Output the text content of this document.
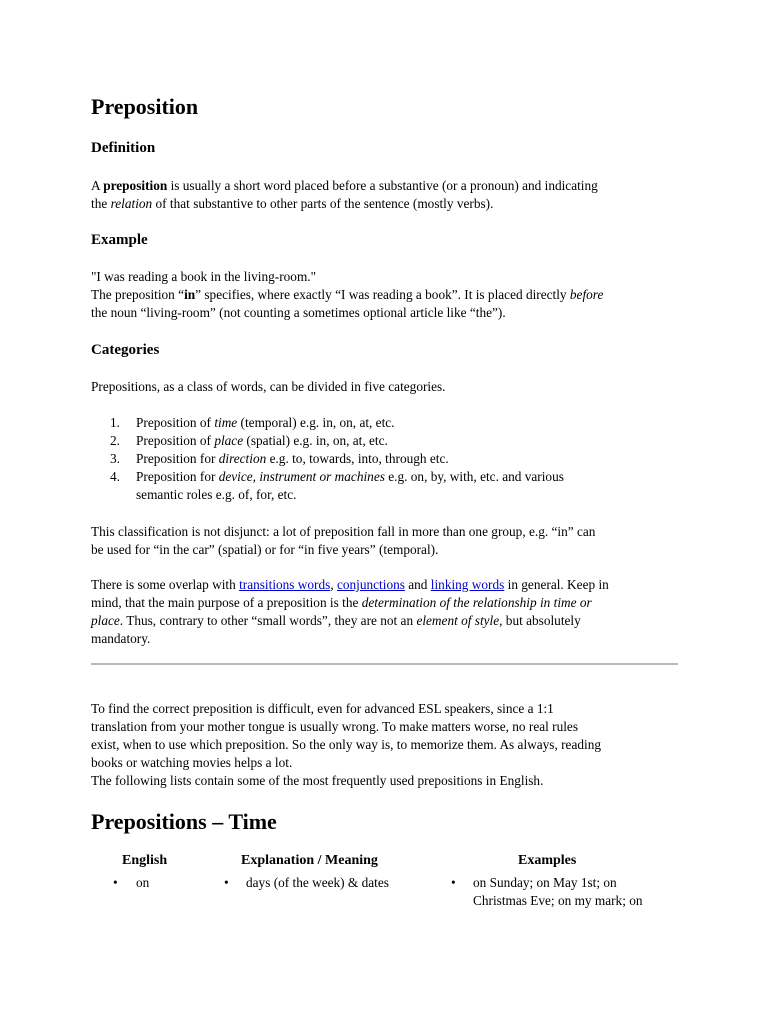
Preposition
Definition

A preposition is usually a short word placed before a substantive (or a pronoun) and indicating
the relation of that substantive to other parts of the sentence (mostly verbs).

Example

"I was reading a book in the living-room."
The preposition “in” specifies, where exactly “I was reading a book”. It is placed directly before
the noun “living-room” (not counting a sometimes optional article like “the”).

Categories

Prepositions, as a class of words, can be divided in five categories.

1.	Preposition of time (temporal) e.g. in, on, at, etc.
2.	Preposition of place (spatial) e.g. in, on, at, etc.
3.	Preposition for direction e.g. to, towards, into, through etc.
4.	Preposition for device, instrument or machines e.g. on, by, with, etc. and various
semantic roles e.g. of, for, etc.

This classification is not disjunct: a lot of preposition fall in more than one group, e.g. “in” can
be used for “in the car” (spatial) or for “in five years” (temporal).

There is some overlap with transitions words, conjunctions and linking words in general. Keep in
mind, that the main purpose of a preposition is the determination of the relationship in time or
place. Thus, contrary to other “small words”, they are not an element of style, but absolutely
mandatory.

To find the correct preposition is difficult, even for advanced ESL speakers, since a 1:1
translation from your mother tongue is usually wrong. To make matters worse, no real rules
exist, when to use which preposition. So the only way is, to memorize them. As always, reading
books or watching movies helps a lot.
The following lists contain some of the most frequently used prepositions in English.

Prepositions – Time
English	Explanation / Meaning	Examples
• on	• days (of the week) & dates	•	on Sunday; on May 1st; on
Christmas Eve; on my mark; on
